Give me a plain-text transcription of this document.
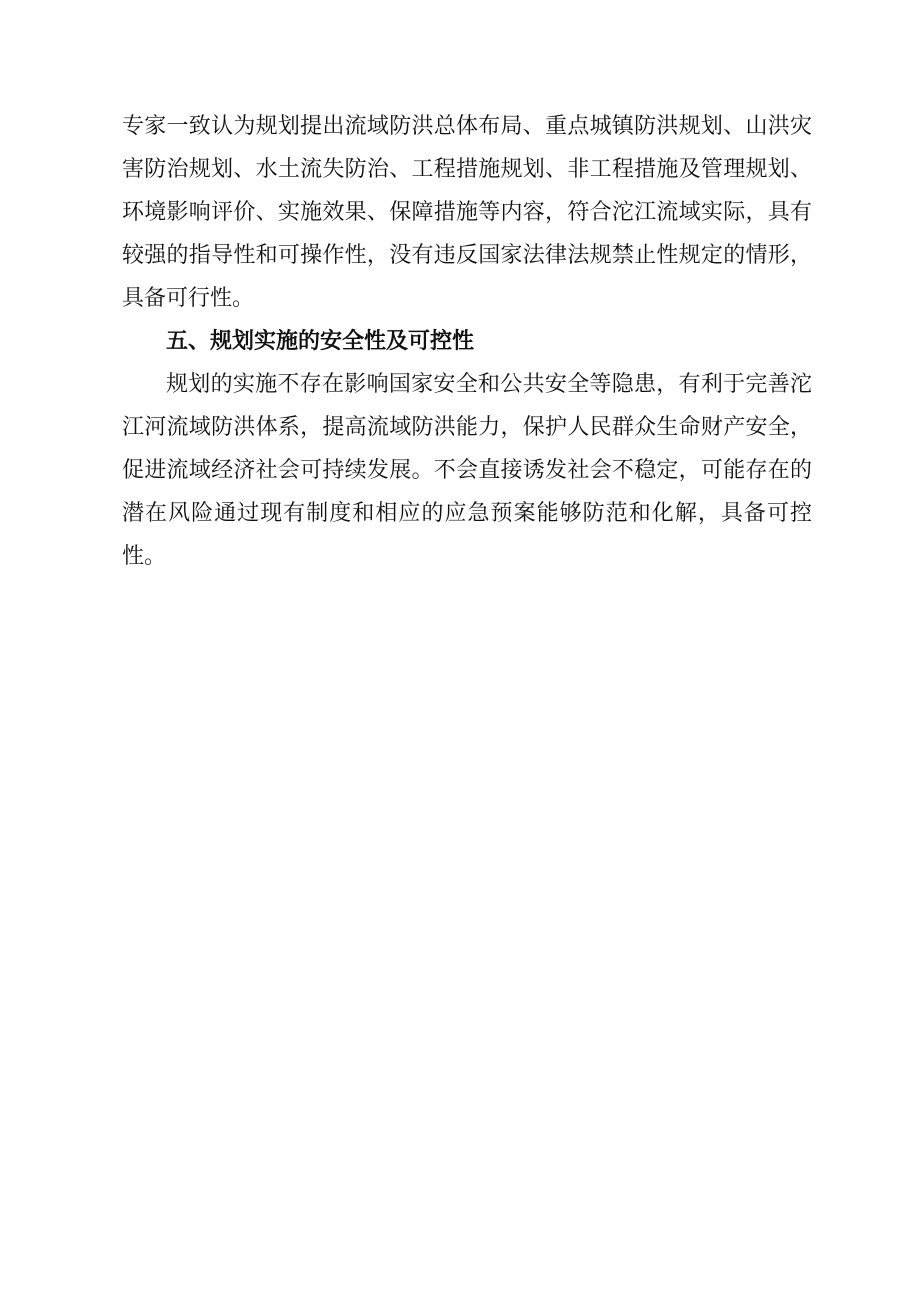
专家一致认为规划提出流域防洪总体布局、重点城镇防洪规划、山洪灾害防治规划、水土流失防治、工程措施规划、非工程措施及管理规划、环境影响评价、实施效果、保障措施等内容，符合沱江流域实际，具有较强的指导性和可操作性，没有违反国家法律法规禁止性规定的情形，具备可行性。

五、规划实施的安全性及可控性

规划的实施不存在影响国家安全和公共安全等隐患，有利于完善沱江河流域防洪体系，提高流域防洪能力，保护人民群众生命财产安全，促进流域经济社会可持续发展。不会直接诱发社会不稳定，可能存在的潜在风险通过现有制度和相应的应急预案能够防范和化解，具备可控性。
